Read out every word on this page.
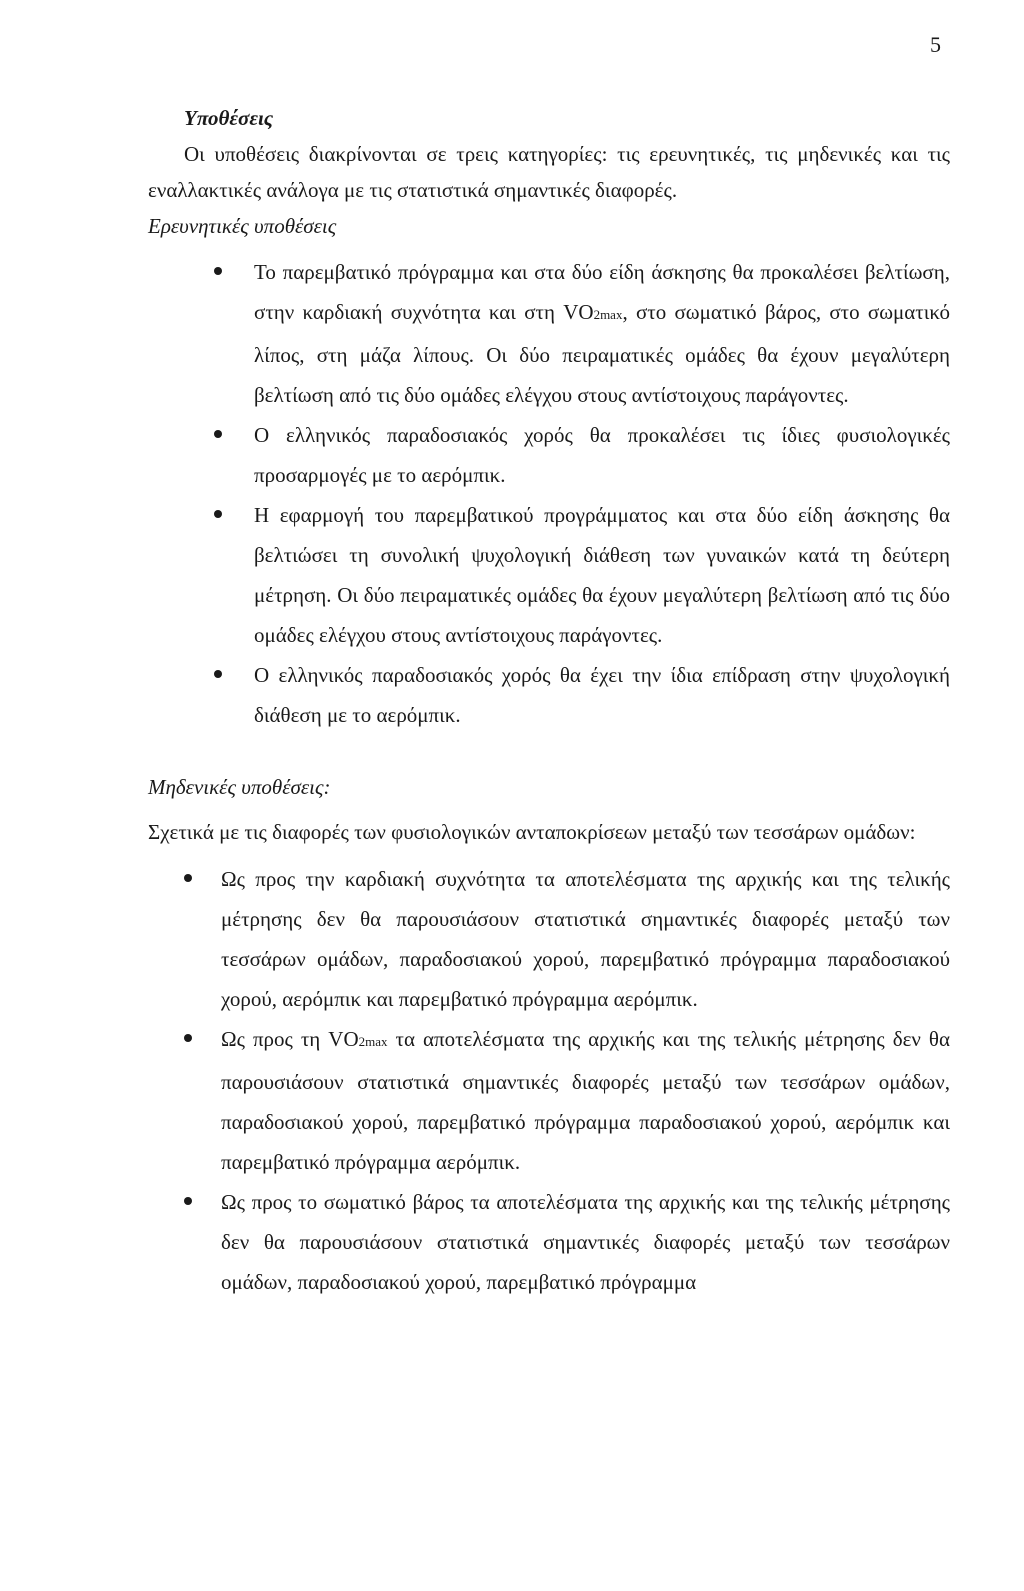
5

Υποθέσεις

Οι υποθέσεις διακρίνονται σε τρεις κατηγορίες: τις ερευνητικές, τις μηδενικές και τις εναλλακτικές ανάλογα με τις στατιστικά σημαντικές διαφορές.

Ερευνητικές υποθέσεις

Το παρεμβατικό πρόγραμμα και στα δύο είδη άσκησης θα προκαλέσει βελτίωση, στην καρδιακή συχνότητα και στη VO2max, στο σωματικό βάρος, στο σωματικό λίπος, στη μάζα λίπους. Οι δύο πειραματικές ομάδες θα έχουν μεγαλύτερη βελτίωση από τις δύο ομάδες ελέγχου στους αντίστοιχους παράγοντες.
Ο ελληνικός παραδοσιακός χορός θα προκαλέσει τις ίδιες φυσιολογικές προσαρμογές με το αερόμπικ.
Η εφαρμογή του παρεμβατικού προγράμματος και στα δύο είδη άσκησης θα βελτιώσει τη συνολική ψυχολογική διάθεση των γυναικών κατά τη δεύτερη μέτρηση. Οι δύο πειραματικές ομάδες θα έχουν μεγαλύτερη βελτίωση από τις δύο ομάδες ελέγχου στους αντίστοιχους παράγοντες.
Ο ελληνικός παραδοσιακός χορός θα έχει την ίδια επίδραση στην ψυχολογική διάθεση με το αερόμπικ.

Μηδενικές υποθέσεις:

Σχετικά με τις διαφορές των φυσιολογικών ανταποκρίσεων μεταξύ των τεσσάρων ομάδων:

Ως προς την καρδιακή συχνότητα τα αποτελέσματα της αρχικής και της τελικής μέτρησης δεν θα παρουσιάσουν στατιστικά σημαντικές διαφορές μεταξύ των τεσσάρων ομάδων, παραδοσιακού χορού, παρεμβατικό πρόγραμμα παραδοσιακού χορού, αερόμπικ και παρεμβατικό πρόγραμμα αερόμπικ.
Ως προς τη VO2max τα αποτελέσματα της αρχικής και της τελικής μέτρησης δεν θα παρουσιάσουν στατιστικά σημαντικές διαφορές μεταξύ των τεσσάρων ομάδων, παραδοσιακού χορού, παρεμβατικό πρόγραμμα παραδοσιακού χορού, αερόμπικ και παρεμβατικό πρόγραμμα αερόμπικ.
Ως προς το σωματικό βάρος τα αποτελέσματα της αρχικής και της τελικής μέτρησης δεν θα παρουσιάσουν στατιστικά σημαντικές διαφορές μεταξύ των τεσσάρων ομάδων, παραδοσιακού χορού, παρεμβατικό πρόγραμμα
